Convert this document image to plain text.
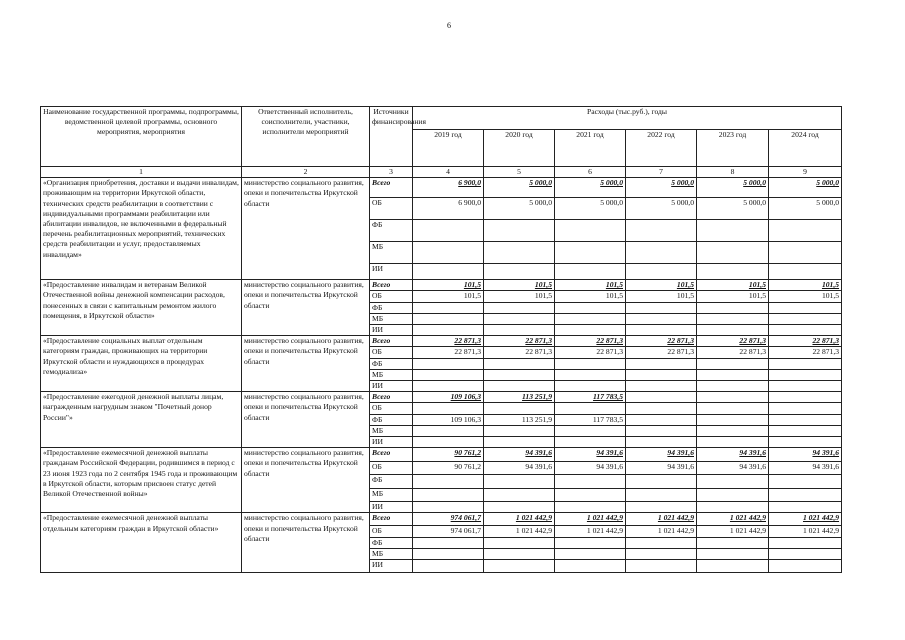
6
Наименование государственной программы, подпрограммы, ведомственной целевой программы, основного мероприятия, мероприятия	Ответственный исполнитель, соисполнители, участники, исполнители мероприятий	Источники финансирования	Расходы (тыс.руб.), годы					
			2019 год	2020 год	2021 год	2022 год	2023 год	2024 год
1	2	3	4	5	6	7	8	9
«Организация приобретения, доставки и выдачи инвалидам, проживающим на территории Иркутской области, технических средств реабилитации в соответствии с индивидуальными программами реабилитации или абилитации инвалидов, не включенными в федеральный перечень реабилитационных мероприятий, технических средств реабилитации и услуг, предоставляемых инвалидам»	министерство социального развития, опеки и попечительства Иркутской области	Всего	6 900,0	5 000,0	5 000,0	5 000,0	5 000,0	5 000,0
		ОБ	6 900,0	5 000,0	5 000,0	5 000,0	5 000,0	5 000,0
		ФБ						
		МБ						
		ИИ						
«Предоставление инвалидам и ветеранам Великой Отечественной войны денежной компенсации расходов, понесенных в связи с капитальным ремонтом жилого помещения, в Иркутской области»	министерство социального развития, опеки и попечительства Иркутской области	Всего	101,5	101,5	101,5	101,5	101,5	101,5
		ОБ	101,5	101,5	101,5	101,5	101,5	101,5
		ФБ						
		МБ						
		ИИ						
«Предоставление социальных выплат отдельным категориям граждан, проживающих на территории Иркутской области и нуждающихся в процедурах гемодиализа»	министерство социального развития, опеки и попечительства Иркутской области	Всего	22 871,3	22 871,3	22 871,3	22 871,3	22 871,3	22 871,3
		ОБ	22 871,3	22 871,3	22 871,3	22 871,3	22 871,3	22 871,3
		ФБ						
		МБ						
		ИИ						
«Предоставление ежегодной денежной выплаты лицам, награжденным нагрудным знаком "Почетный донор России"»	министерство социального развития, опеки и попечительства Иркутской области	Всего	109 106,3	113 251,9	117 783,5			
		ОБ						
		ФБ	109 106,3	113 251,9	117 783,5			
		МБ						
		ИИ						
«Предоставление ежемесячной денежной выплаты гражданам Российской Федерации, родившимся в период с 23 июня 1923 года по 2 сентября 1945 года и проживающим в Иркутской области, которым присвоен статус детей Великой Отечественной войны»	министерство социального развития, опеки и попечительства Иркутской области	Всего	90 761,2	94 391,6	94 391,6	94 391,6	94 391,6	94 391,6
		ОБ	90 761,2	94 391,6	94 391,6	94 391,6	94 391,6	94 391,6
		ФБ						
		МБ						
		ИИ						
«Предоставление ежемесячной денежной выплаты отдельным категориям граждан в Иркутской области»	министерство социального развития, опеки и попечительства Иркутской области	Всего	974 061,7	1 021 442,9	1 021 442,9	1 021 442,9	1 021 442,9	1 021 442,9
		ОБ	974 061,7	1 021 442,9	1 021 442,9	1 021 442,9	1 021 442,9	1 021 442,9
		ФБ						
		МБ						
		ИИ						
